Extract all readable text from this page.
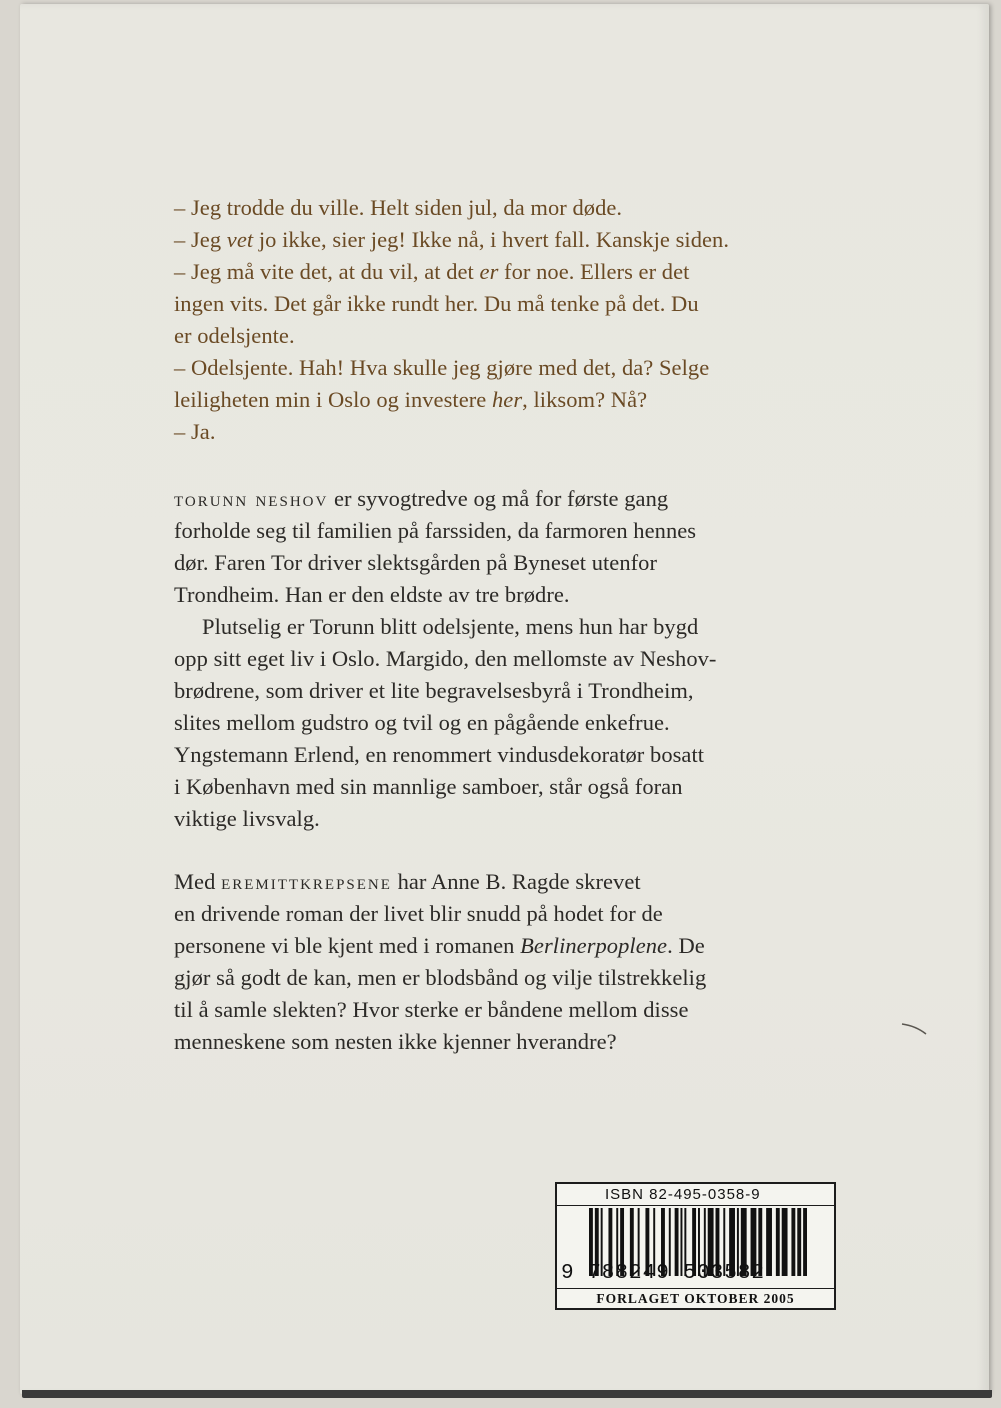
– Jeg trodde du ville. Helt siden jul, da mor døde.
– Jeg vet jo ikke, sier jeg! Ikke nå, i hvert fall. Kanskje siden.
– Jeg må vite det, at du vil, at det er for noe. Ellers er det
ingen vits. Det går ikke rundt her. Du må tenke på det. Du
er odelsjente.
– Odelsjente. Hah! Hva skulle jeg gjøre med det, da? Selge
leiligheten min i Oslo og investere her, liksom? Nå?
– Ja.
torunn neshov er syvogtredve og må for første gang
forholde seg til familien på farssiden, da farmoren hennes
dør. Faren Tor driver slektsgården på Byneset utenfor
Trondheim. Han er den eldste av tre brødre.
Plutselig er Torunn blitt odelsjente, mens hun har bygd
opp sitt eget liv i Oslo. Margido, den mellomste av Neshov-
brødrene, som driver et lite begravelsesbyrå i Trondheim,
slites mellom gudstro og tvil og en pågående enkefrue.
Yngstemann Erlend, en renommert vindusdekoratør bosatt
i København med sin mannlige samboer, står også foran
viktige livsvalg.
Med eremittkrepsene har Anne B. Ragde skrevet
en drivende roman der livet blir snudd på hodet for de
personene vi ble kjent med i romanen Berlinerpoplene. De
gjør så godt de kan, men er blodsbånd og vilje tilstrekkelig
til å samle slekten? Hvor sterke er båndene mellom disse
menneskene som nesten ikke kjenner hverandre?
ISBN 82-495-0358-9
9 788249 503582
FORLAGET OKTOBER 2005
